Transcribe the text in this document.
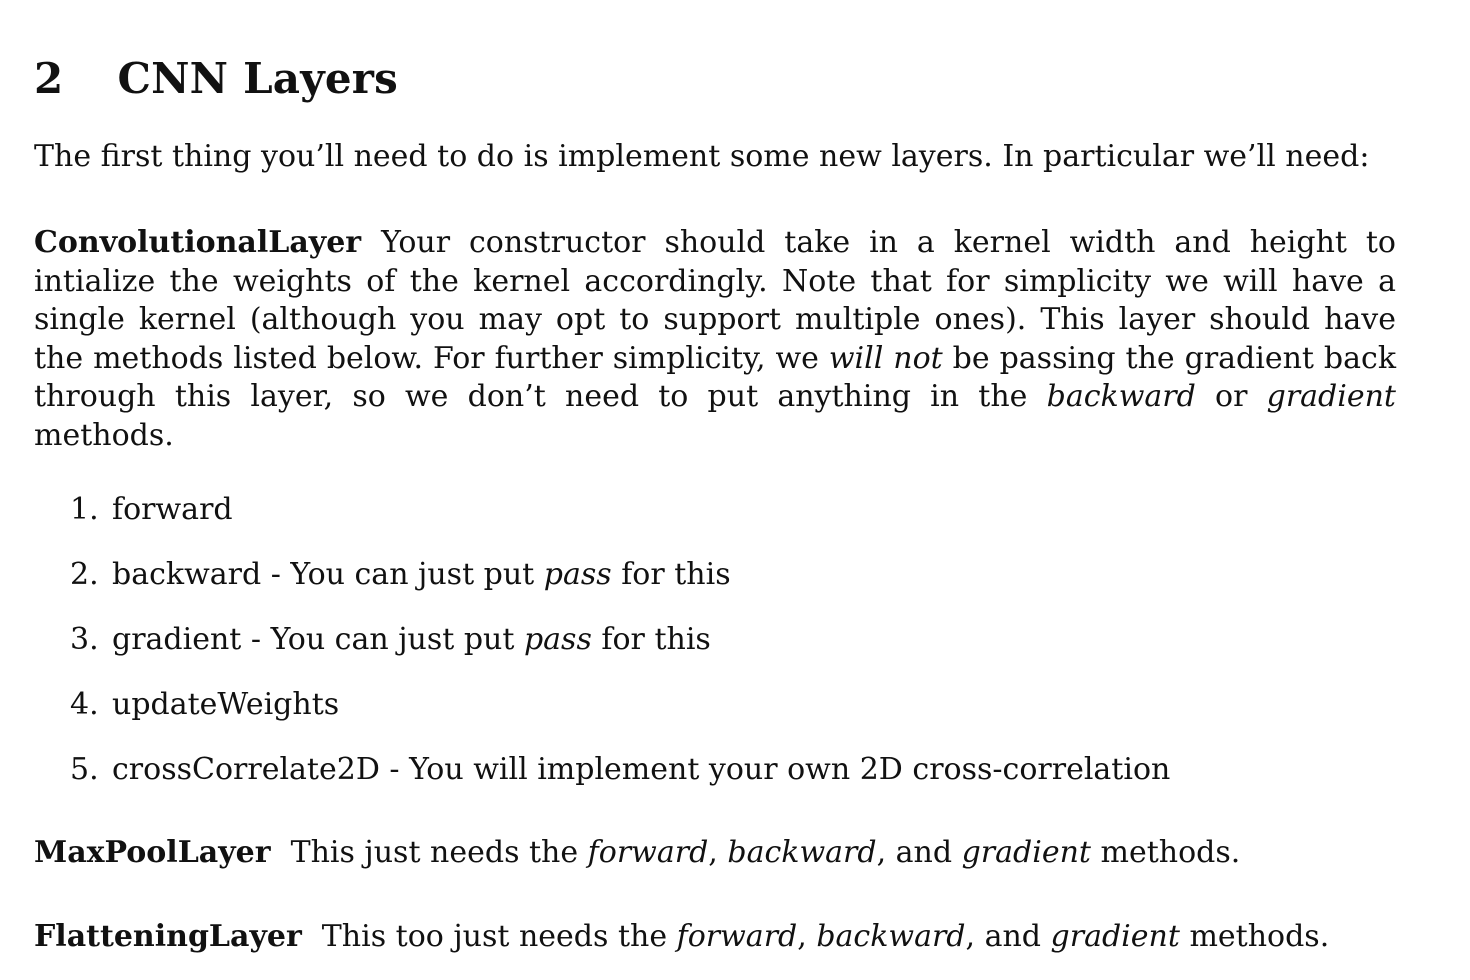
2 CNN Layers

The first thing you’ll need to do is implement some new layers. In particular we’ll need:

ConvolutionalLayer Your constructor should take in a kernel width and height to intialize the weights of the kernel accordingly. Note that for simplicity we will have a single kernel (although you may opt to support multiple ones). This layer should have the methods listed below. For further simplicity, we will not be passing the gradient back through this layer, so we don’t need to put anything in the backward or gradient methods.

1. forward
2. backward - You can just put pass for this
3. gradient - You can just put pass for this
4. updateWeights
5. crossCorrelate2D - You will implement your own 2D cross-correlation

MaxPoolLayer This just needs the forward, backward, and gradient methods.

FlatteningLayer This too just needs the forward, backward, and gradient methods.
